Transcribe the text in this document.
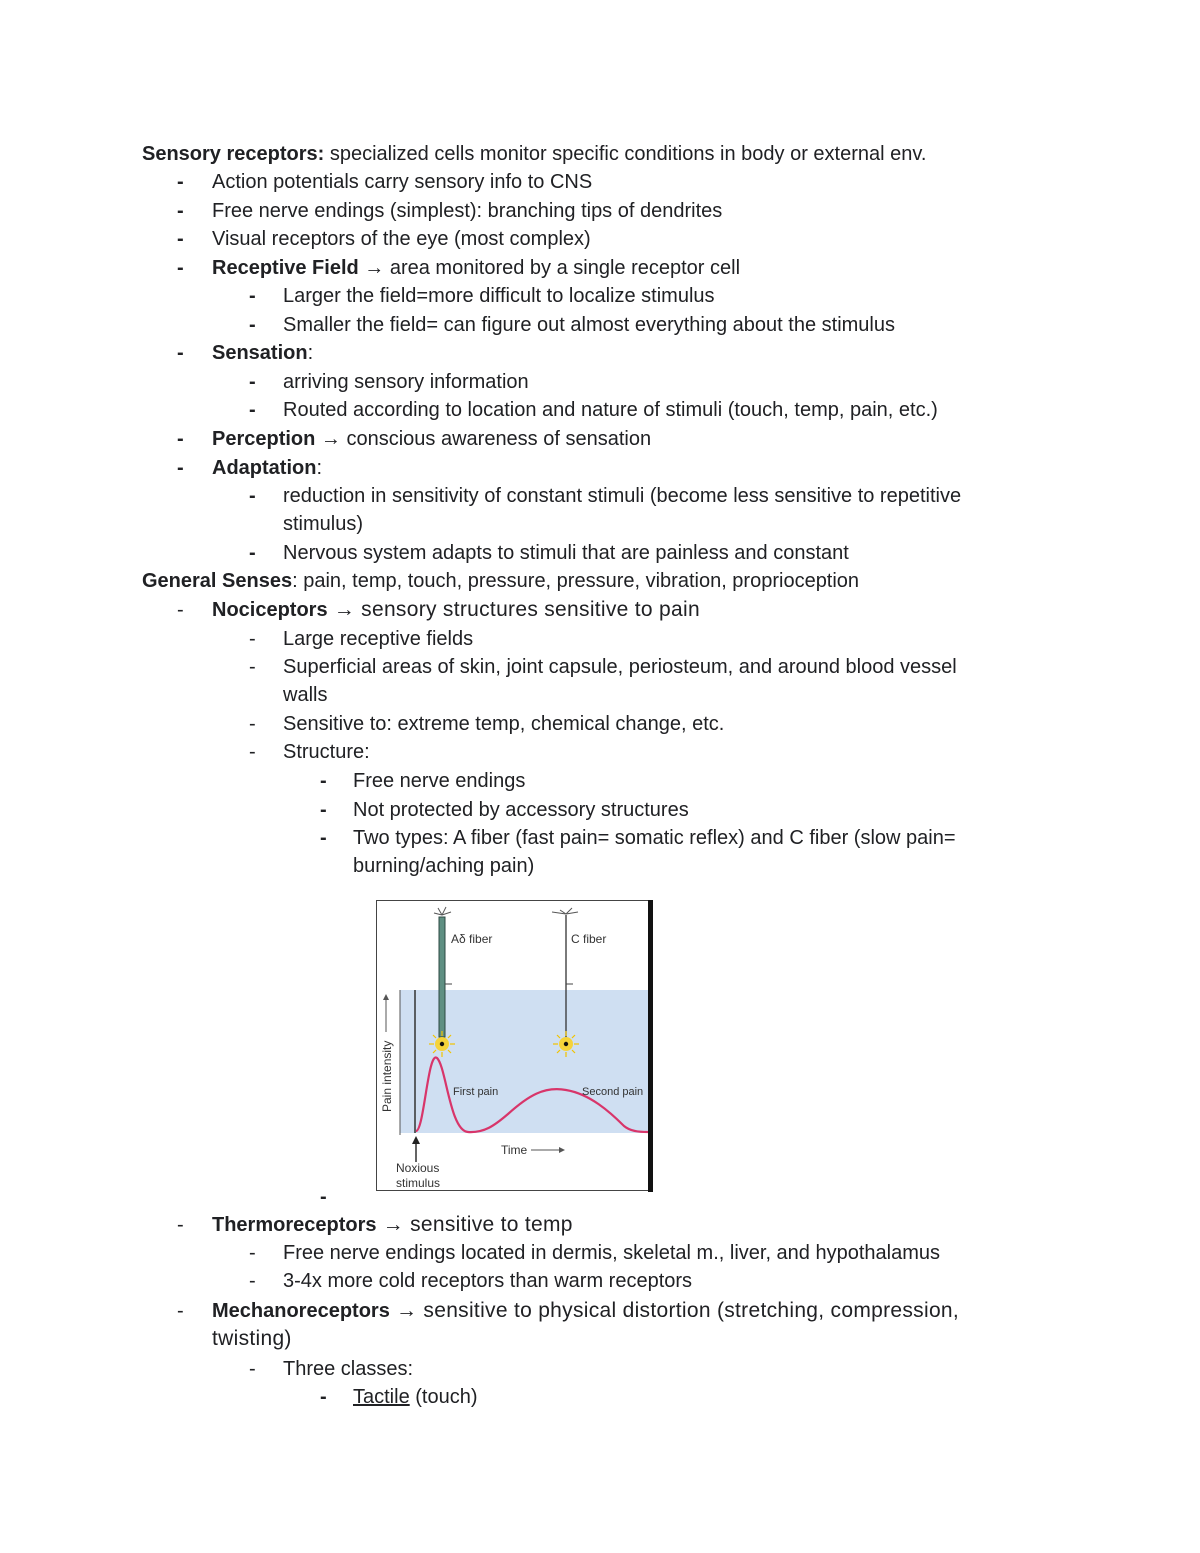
Sensory receptors: specialized cells monitor specific conditions in body or external env.
- Action potentials carry sensory info to CNS
- Free nerve endings (simplest): branching tips of dendrites
- Visual receptors of the eye (most complex)
- Receptive Field → area monitored by a single receptor cell
- Larger the field=more difficult to localize stimulus
- Smaller the field= can figure out almost everything about the stimulus
- Sensation:
- arriving sensory information
- Routed according to location and nature of stimuli (touch, temp, pain, etc.)
- Perception → conscious awareness of sensation
- Adaptation:
- reduction in sensitivity of constant stimuli (become less sensitive to repetitive
stimulus)
- Nervous system adapts to stimuli that are painless and constant
General Senses: pain, temp, touch, pressure, pressure, vibration, proprioception
- Nociceptors → sensory structures sensitive to pain
- Large receptive fields
- Superficial areas of skin, joint capsule, periosteum, and around blood vessel
walls
- Sensitive to: extreme temp, chemical change, etc.
- Structure:
- Free nerve endings
- Not protected by accessory structures
- Two types: A fiber (fast pain= somatic reflex) and C fiber (slow pain=
burning/aching pain)
Aδ fiber	C fiber
First pain	Second pain
Pain intensity
Time
Noxious
stimulus
-
- Thermoreceptors → sensitive to temp
- Free nerve endings located in dermis, skeletal m., liver, and hypothalamus
- 3-4x more cold receptors than warm receptors
- Mechanoreceptors → sensitive to physical distortion (stretching, compression,
twisting)
- Three classes:
- Tactile (touch)
